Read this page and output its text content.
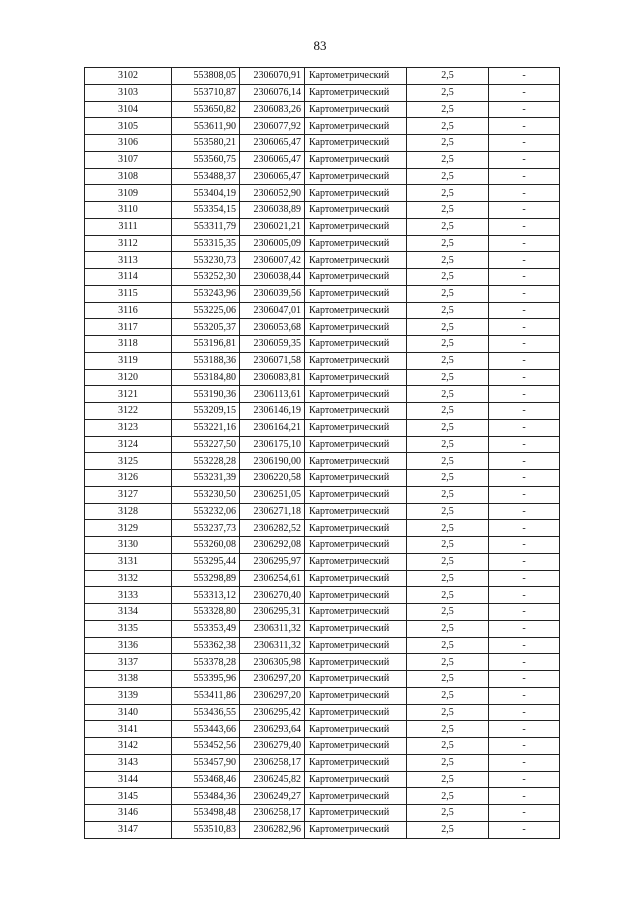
83
3102	553808,05	2306070,91	Картометрический	2,5	-
3103	553710,87	2306076,14	Картометрический	2,5	-
3104	553650,82	2306083,26	Картометрический	2,5	-
3105	553611,90	2306077,92	Картометрический	2,5	-
3106	553580,21	2306065,47	Картометрический	2,5	-
3107	553560,75	2306065,47	Картометрический	2,5	-
3108	553488,37	2306065,47	Картометрический	2,5	-
3109	553404,19	2306052,90	Картометрический	2,5	-
3110	553354,15	2306038,89	Картометрический	2,5	-
3111	553311,79	2306021,21	Картометрический	2,5	-
3112	553315,35	2306005,09	Картометрический	2,5	-
3113	553230,73	2306007,42	Картометрический	2,5	-
3114	553252,30	2306038,44	Картометрический	2,5	-
3115	553243,96	2306039,56	Картометрический	2,5	-
3116	553225,06	2306047,01	Картометрический	2,5	-
3117	553205,37	2306053,68	Картометрический	2,5	-
3118	553196,81	2306059,35	Картометрический	2,5	-
3119	553188,36	2306071,58	Картометрический	2,5	-
3120	553184,80	2306083,81	Картометрический	2,5	-
3121	553190,36	2306113,61	Картометрический	2,5	-
3122	553209,15	2306146,19	Картометрический	2,5	-
3123	553221,16	2306164,21	Картометрический	2,5	-
3124	553227,50	2306175,10	Картометрический	2,5	-
3125	553228,28	2306190,00	Картометрический	2,5	-
3126	553231,39	2306220,58	Картометрический	2,5	-
3127	553230,50	2306251,05	Картометрический	2,5	-
3128	553232,06	2306271,18	Картометрический	2,5	-
3129	553237,73	2306282,52	Картометрический	2,5	-
3130	553260,08	2306292,08	Картометрический	2,5	-
3131	553295,44	2306295,97	Картометрический	2,5	-
3132	553298,89	2306254,61	Картометрический	2,5	-
3133	553313,12	2306270,40	Картометрический	2,5	-
3134	553328,80	2306295,31	Картометрический	2,5	-
3135	553353,49	2306311,32	Картометрический	2,5	-
3136	553362,38	2306311,32	Картометрический	2,5	-
3137	553378,28	2306305,98	Картометрический	2,5	-
3138	553395,96	2306297,20	Картометрический	2,5	-
3139	553411,86	2306297,20	Картометрический	2,5	-
3140	553436,55	2306295,42	Картометрический	2,5	-
3141	553443,66	2306293,64	Картометрический	2,5	-
3142	553452,56	2306279,40	Картометрический	2,5	-
3143	553457,90	2306258,17	Картометрический	2,5	-
3144	553468,46	2306245,82	Картометрический	2,5	-
3145	553484,36	2306249,27	Картометрический	2,5	-
3146	553498,48	2306258,17	Картометрический	2,5	-
3147	553510,83	2306282,96	Картометрический	2,5	-
